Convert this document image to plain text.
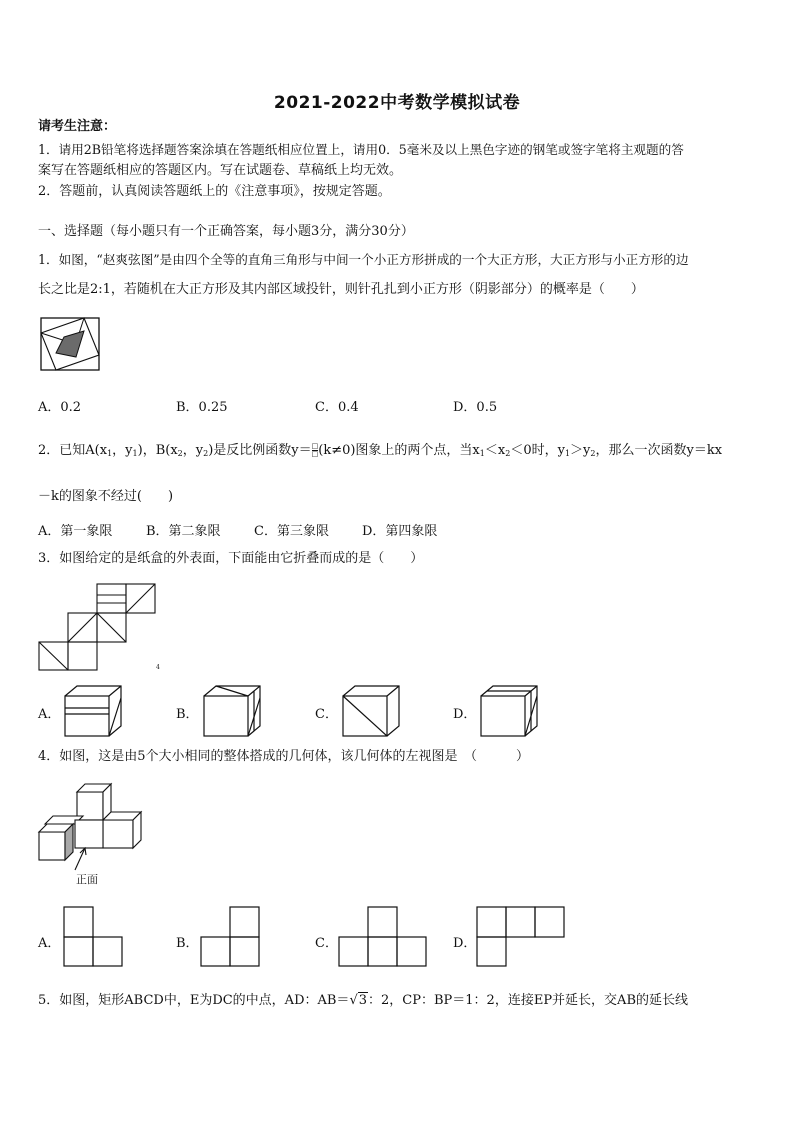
2021-2022中考数学模拟试卷
请考生注意：
1．请用2B铅笔将选择题答案涂填在答题纸相应位置上，请用0．5毫米及以上黑色字迹的钢笔或签字笔将主观题的答
案写在答题纸相应的答题区内。写在试题卷、草稿纸上均无效。
2．答题前，认真阅读答题纸上的《注意事项》，按规定答题。
一、选择题（每小题只有一个正确答案，每小题3分，满分30分）
1．如图，“赵爽弦图”是由四个全等的直角三角形与中间一个小正方形拼成的一个大正方形，大正方形与小正方形的边
长之比是2:1，若随机在大正方形及其内部区域投针，则针孔扎到小正方形（阴影部分）的概率是（　　）
A．0.2	B．0.25	C．0.4	D．0.5
2．已知$A(x_1$，$y_1$)，$B(x_2$，$y_2$)是反比例函数$y= \frac{□}{□} (k\ne 0)$图象上的两个点，当$x_1<x_2<0$时，$y_1>y_2$，那么一次函数y＝kx
－k的图象不经过(　　)
A．第一象限	B．第二象限	C．第三象限	D．第四象限
3．如图给定的是纸盒的外表面，下面能由它折叠而成的是（　　）
4
A．	B．	C．	D．
4．如图，这是由5个大小相同的整体搭成的几何体，该几何体的左视图是　（　　　）
正面
A．	B．	C．	D．
5．如图，矩形ABCD中，E为DC的中点，AD：AB＝√3：2，CP：BP＝1：2，连接EP并延长，交AB的延长线
